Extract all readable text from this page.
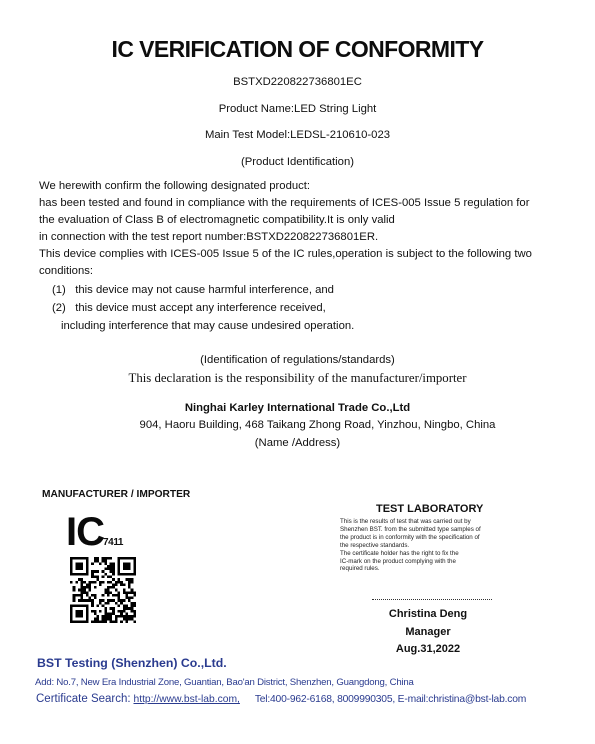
IC VERIFICATION OF CONFORMITY
BSTXD220822736801EC
Product Name:LED String Light
Main Test Model:LEDSL-210610-023
(Product Identification)
We herewith confirm the following designated product:
has been tested and found in compliance with the requirements of ICES-005 Issue 5 regulation for
the evaluation of Class B of electromagnetic compatibility.It is only valid
in connection with the test report number:BSTXD220822736801ER.
This device complies with ICES-005 Issue 5 of the IC rules,operation is subject to the following two
conditions:
(1) this device may not cause harmful interference, and
(2) this device must accept any interference received,
including interference that may cause undesired operation.
(Identification of regulations/standards)
This declaration is the responsibility of the manufacturer/importer
Ninghai Karley International Trade Co.,Ltd
904, Haoru Building, 468 Taikang Zhong Road, Yinzhou, Ningbo, China
(Name /Address)
MANUFACTURER / IMPORTER
IC 7411
TEST LABORATORY
This is the results of test that was carried out by
Shenzhen BST. from the submitted type samples of
the product is in conformity with the specification of
the respective standards.
The certificate holder has the right to fix the
IC-mark on the product complying with the
required rules.
Christina Deng
Manager
Aug.31,2022
BST Testing (Shenzhen) Co.,Ltd.
Add: No.7, New Era Industrial Zone, Guantian, Bao'an District, Shenzhen, Guangdong, China
Certificate Search: http://www.bst-lab.com, Tel:400-962-6168, 8009990305, E-mail:christina@bst-lab.com
